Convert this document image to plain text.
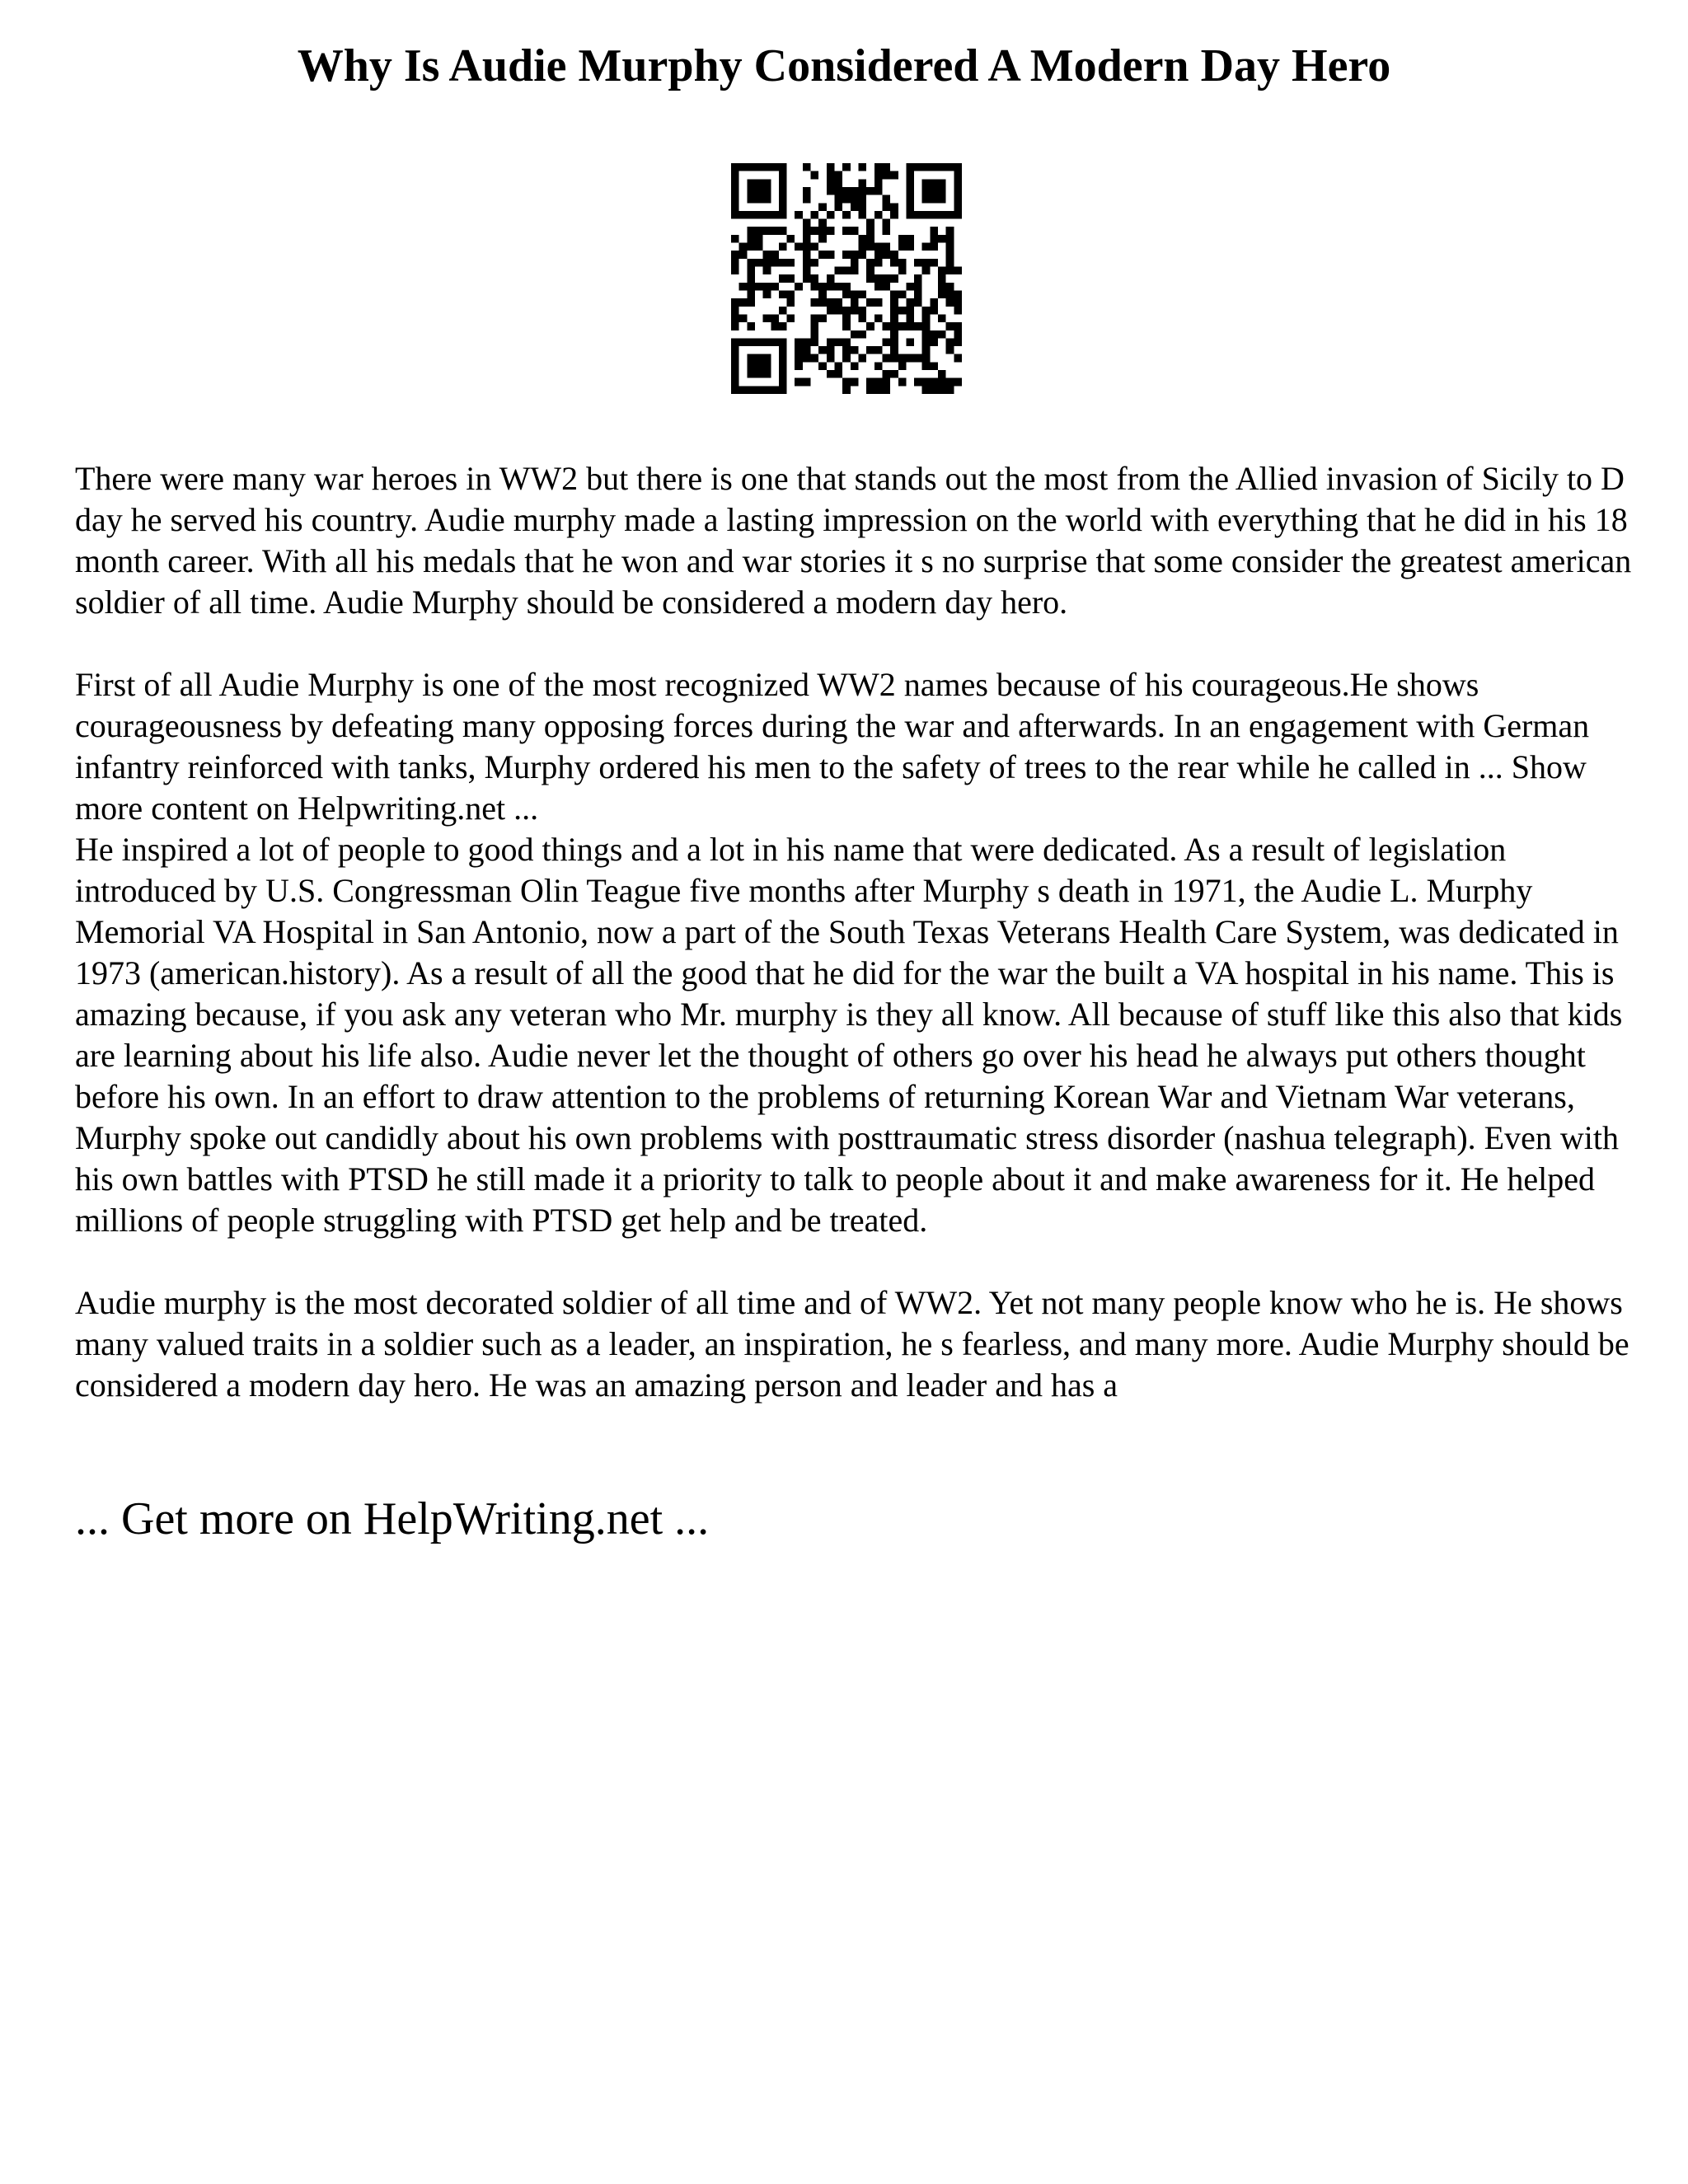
Why Is Audie Murphy Considered A Modern Day Hero

There were many war heroes in WW2 but there is one that stands out the most from the Allied invasion of Sicily to D day he served his country. Audie murphy made a lasting impression on the world with everything that he did in his 18 month career. With all his medals that he won and war stories it s no surprise that some consider the greatest american soldier of all time. Audie Murphy should be considered a modern day hero.

First of all Audie Murphy is one of the most recognized WW2 names because of his courageous.He shows courageousness by defeating many opposing forces during the war and afterwards. In an engagement with German infantry reinforced with tanks, Murphy ordered his men to the safety of trees to the rear while he called in ... Show more content on Helpwriting.net ...

He inspired a lot of people to good things and a lot in his name that were dedicated. As a result of legislation introduced by U.S. Congressman Olin Teague five months after Murphy s death in 1971, the Audie L. Murphy Memorial VA Hospital in San Antonio, now a part of the South Texas Veterans Health Care System, was dedicated in 1973 (american.history). As a result of all the good that he did for the war the built a VA hospital in his name. This is amazing because, if you ask any veteran who Mr. murphy is they all know. All because of stuff like this also that kids are learning about his life also. Audie never let the thought of others go over his head he always put others thought before his own. In an effort to draw attention to the problems of returning Korean War and Vietnam War veterans, Murphy spoke out candidly about his own problems with posttraumatic stress disorder (nashua telegraph). Even with his own battles with PTSD he still made it a priority to talk to people about it and make awareness for it. He helped millions of people struggling with PTSD get help and be treated.

Audie murphy is the most decorated soldier of all time and of WW2. Yet not many people know who he is. He shows many valued traits in a soldier such as a leader, an inspiration, he s fearless, and many more. Audie Murphy should be considered a modern day hero. He was an amazing person and leader and has a

... Get more on HelpWriting.net ...
